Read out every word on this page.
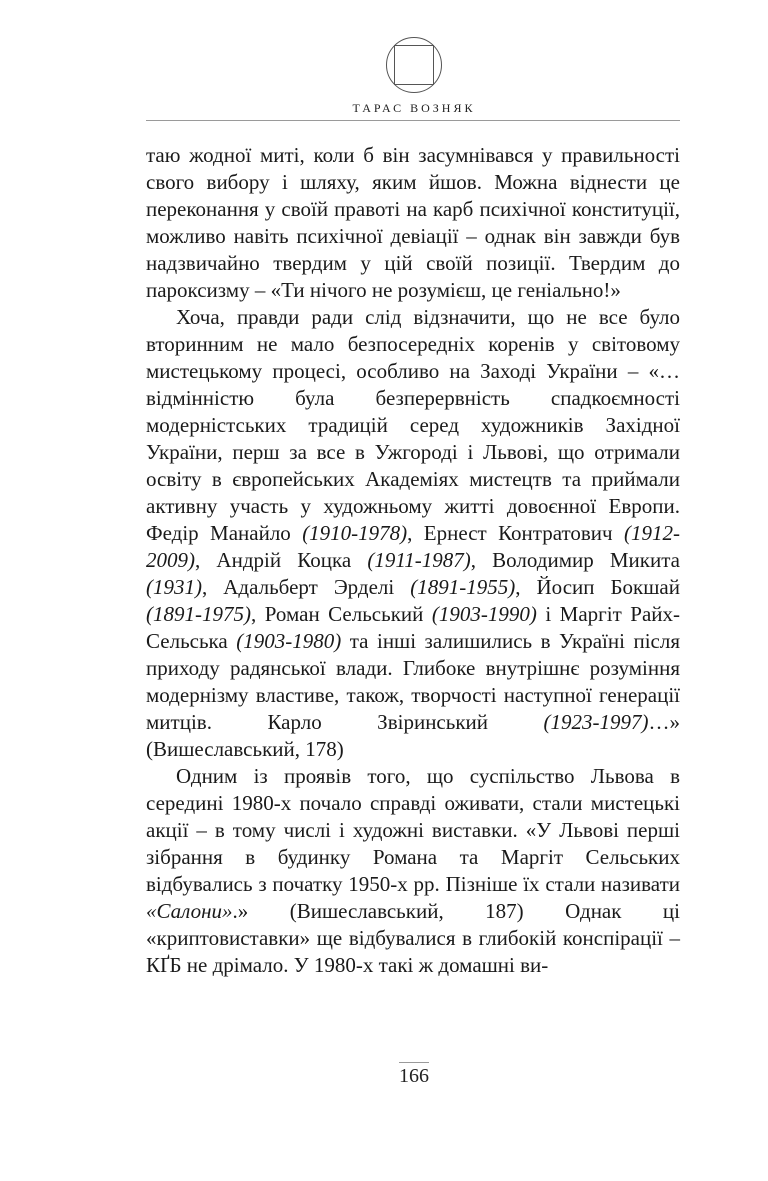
ТАРАС ВОЗНЯК

таю жодної миті, коли б він засумнівався у правильності свого вибору і шляху, яким йшов. Можна віднести це переконання у своїй правоті на карб психічної конституції, можливо навіть психічної девіації – однак він завжди був надзвичайно твердим у цій своїй позиції. Твердим до пароксизму – «Ти нічого не розумієш, це геніально!»

Хоча, правди ради слід відзначити, що не все було вторинним не мало безпосередніх коренів у світовому мистецькому процесі, особливо на Заході України – «…відмінністю була безперервність спадкоємності модерністських традицій серед художників Західної України, перш за все в Ужгороді і Львові, що отримали освіту в європейських Академіях мистецтв та приймали активну участь у художньому житті довоєнної Европи. Федір Манайло (1910-1978), Ернест Контратович (1912-2009), Андрій Коцка (1911-1987), Володимир Микита (1931), Адальберт Эрделі (1891-1955), Йосип Бокшай (1891-1975), Роман Сельський (1903-1990) і Маргіт Райх-Сельська (1903-1980) та інші залишились в Україні після приходу радянської влади. Глибоке внутрішнє розуміння модернізму властиве, також, творчості наступної генерації митців. Карло Звіринський (1923-1997)…» (Вишеславський, 178)

Одним із проявів того, що суспільство Львова в середині 1980-х почало справді оживати, стали мистецькі акції – в тому числі і художні виставки. «У Львові перші зібрання в будинку Романа та Маргіт Сельських відбувались з початку 1950-х рр. Пізніше їх стали називати «Салони».» (Вишеславський, 187) Однак ці «криптовиставки» ще відбувалися в глибокій конспірації – КҐБ не дрімало. У 1980-х такі ж домашні ви-

166
